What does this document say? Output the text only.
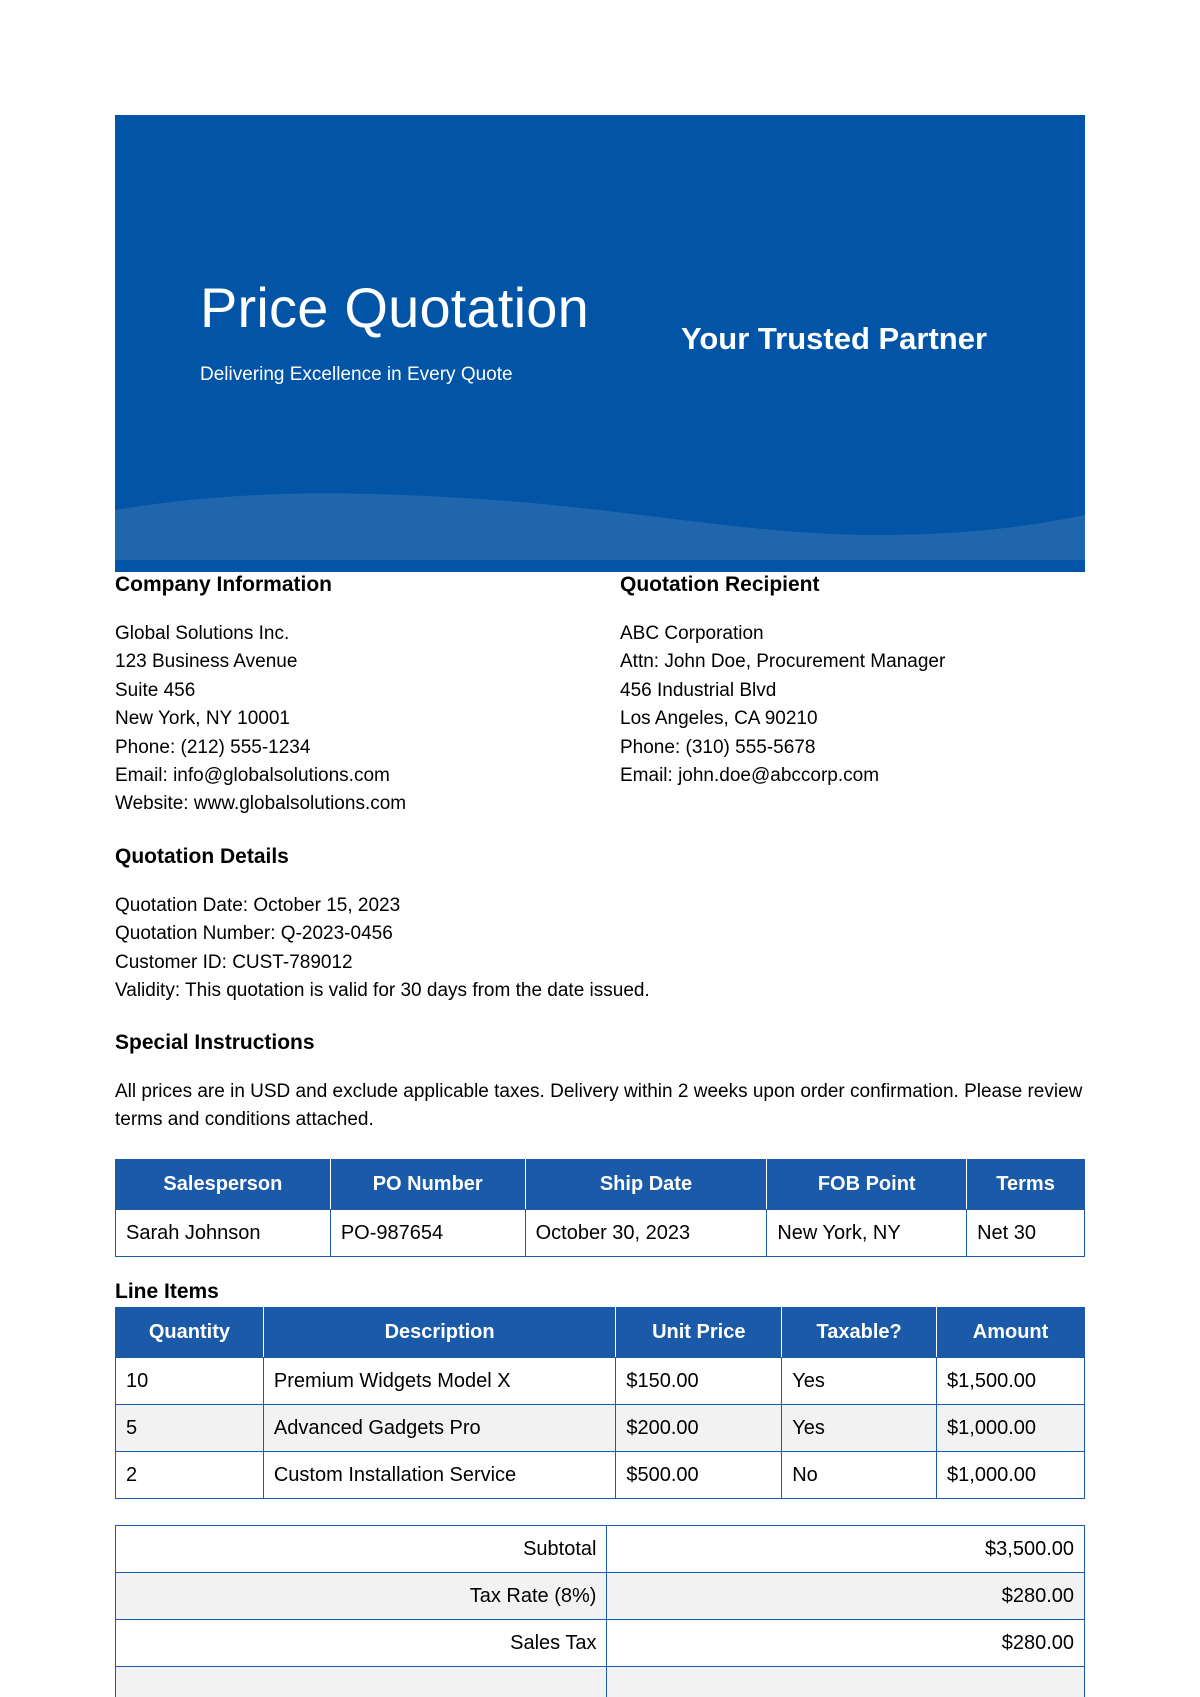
Price Quotation
Delivering Excellence in Every Quote
Your Trusted Partner
Company Information
Global Solutions Inc.
123 Business Avenue
Suite 456
New York, NY 10001
Phone: (212) 555-1234
Email: info@globalsolutions.com
Website: www.globalsolutions.com
Quotation Recipient
ABC Corporation
Attn: John Doe, Procurement Manager
456 Industrial Blvd
Los Angeles, CA 90210
Phone: (310) 555-5678
Email: john.doe@abccorp.com
Quotation Details
Quotation Date: October 15, 2023
Quotation Number: Q-2023-0456
Customer ID: CUST-789012
Validity: This quotation is valid for 30 days from the date issued.
Special Instructions
All prices are in USD and exclude applicable taxes. Delivery within 2 weeks upon order confirmation. Please review terms and conditions attached.
Salesperson	PO Number	Ship Date	FOB Point	Terms
Sarah Johnson	PO-987654	October 30, 2023	New York, NY	Net 30
Line Items
Quantity	Description	Unit Price	Taxable?	Amount
10	Premium Widgets Model X	$150.00	Yes	$1,500.00
5	Advanced Gadgets Pro	$200.00	Yes	$1,000.00
2	Custom Installation Service	$500.00	No	$1,000.00
Subtotal	$3,500.00
Tax Rate (8%)	$280.00
Sales Tax	$280.00
